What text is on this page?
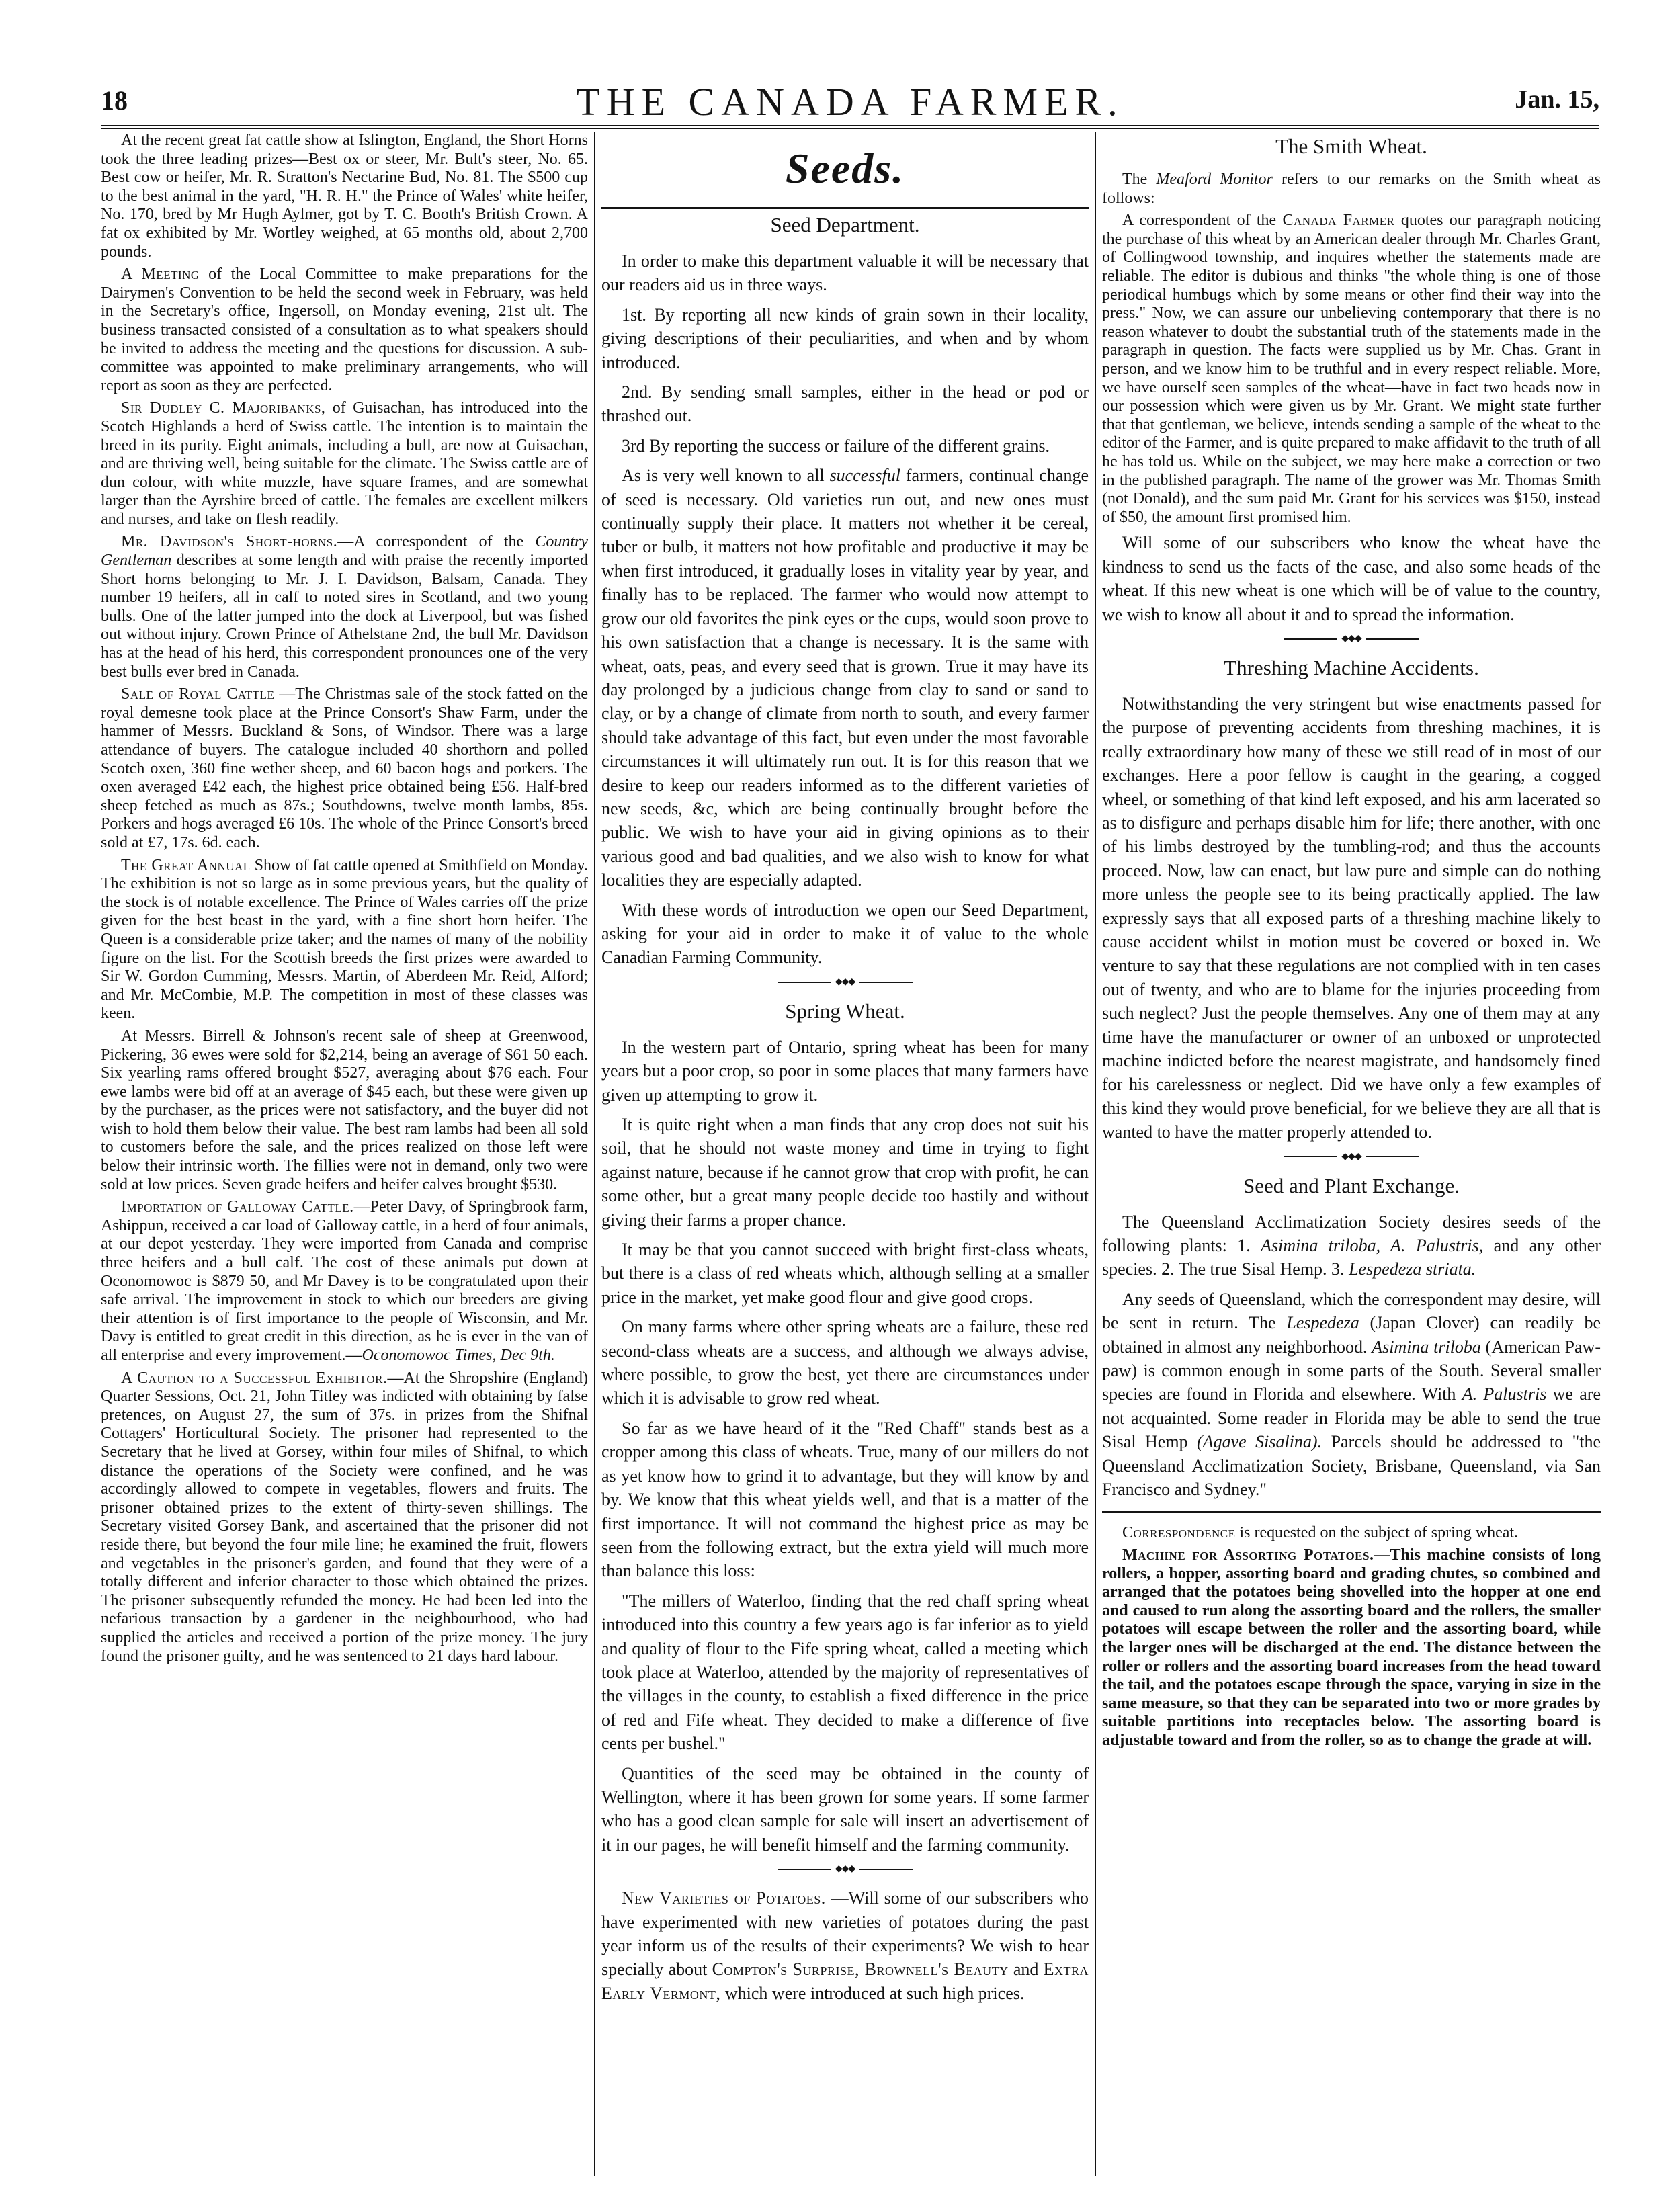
18	THE CANADA FARMER.	Jan. 15,

At the recent great fat cattle show at Islington, England, the Short Horns took the three leading prizes—Best ox or steer, Mr. Bult's steer, No. 65. Best cow or heifer, Mr. R. Stratton's Nectarine Bud, No. 81. The $500 cup to the best animal in the yard, "H. R. H." the Prince of Wales' white heifer, No. 170, bred by Mr Hugh Aylmer, got by T. C. Booth's British Crown. A fat ox exhibited by Mr. Wortley weighed, at 65 months old, about 2,700 pounds.

A Meeting of the Local Committee to make preparations for the Dairymen's Convention to be held the second week in February, was held in the Secretary's office, Ingersoll, on Monday evening, 21st ult. The business transacted consisted of a consultation as to what speakers should be invited to address the meeting and the questions for discussion. A sub-committee was appointed to make preliminary arrangements, who will report as soon as they are perfected.

Sir Dudley C. Majoribanks, of Guisachan, has introduced into the Scotch Highlands a herd of Swiss cattle. The intention is to maintain the breed in its purity. Eight animals, including a bull, are now at Guisachan, and are thriving well, being suitable for the climate. The Swiss cattle are of dun colour, with white muzzle, have square frames, and are somewhat larger than the Ayrshire breed of cattle. The females are excellent milkers and nurses, and take on flesh readily.

Mr. Davidson's Short-horns.—A correspondent of the Country Gentleman describes at some length and with praise the recently imported Short horns belonging to Mr. J. I. Davidson, Balsam, Canada. They number 19 heifers, all in calf to noted sires in Scotland, and two young bulls. One of the latter jumped into the dock at Liverpool, but was fished out without injury. Crown Prince of Athelstane 2nd, the bull Mr. Davidson has at the head of his herd, this correspondent pronounces one of the very best bulls ever bred in Canada.

Sale of Royal Cattle —The Christmas sale of the stock fatted on the royal demesne took place at the Prince Consort's Shaw Farm, under the hammer of Messrs. Buckland & Sons, of Windsor. There was a large attendance of buyers. The catalogue included 40 shorthorn and polled Scotch oxen, 360 fine wether sheep, and 60 bacon hogs and porkers. The oxen averaged £42 each, the highest price obtained being £56. Half-bred sheep fetched as much as 87s.; Southdowns, twelve month lambs, 85s. Porkers and hogs averaged £6 10s. The whole of the Prince Consort's breed sold at £7, 17s. 6d. each.

The Great Annual Show of fat cattle opened at Smithfield on Monday. The exhibition is not so large as in some previous years, but the quality of the stock is of notable excellence. The Prince of Wales carries off the prize given for the best beast in the yard, with a fine short horn heifer. The Queen is a considerable prize taker; and the names of many of the nobility figure on the list. For the Scottish breeds the first prizes were awarded to Sir W. Gordon Cumming, Messrs. Martin, of Aberdeen Mr. Reid, Alford; and Mr. McCombie, M.P. The competition in most of these classes was keen.

At Messrs. Birrell & Johnson's recent sale of sheep at Greenwood, Pickering, 36 ewes were sold for $2,214, being an average of $61 50 each. Six yearling rams offered brought $527, averaging about $76 each. Four ewe lambs were bid off at an average of $45 each, but these were given up by the purchaser, as the prices were not satisfactory, and the buyer did not wish to hold them below their value. The best ram lambs had been all sold to customers before the sale, and the prices realized on those left were below their intrinsic worth. The fillies were not in demand, only two were sold at low prices. Seven grade heifers and heifer calves brought $530.

Importation of Galloway Cattle.—Peter Davy, of Springbrook farm, Ashippun, received a car load of Galloway cattle, in a herd of four animals, at our depot yesterday. They were imported from Canada and comprise three heifers and a bull calf. The cost of these animals put down at Oconomowoc is $879 50, and Mr Davey is to be congratulated upon their safe arrival. The improvement in stock to which our breeders are giving their attention is of first importance to the people of Wisconsin, and Mr. Davy is entitled to great credit in this direction, as he is ever in the van of all enterprise and every improvement.—Oconomowoc Times, Dec 9th.

A Caution to a Successful Exhibitor.—At the Shropshire (England) Quarter Sessions, Oct. 21, John Titley was indicted with obtaining by false pretences, on August 27, the sum of 37s. in prizes from the Shifnal Cottagers' Horticultural Society. The prisoner had represented to the Secretary that he lived at Gorsey, within four miles of Shifnal, to which distance the operations of the Society were confined, and he was accordingly allowed to compete in vegetables, flowers and fruits. The prisoner obtained prizes to the extent of thirty-seven shillings. The Secretary visited Gorsey Bank, and ascertained that the prisoner did not reside there, but beyond the four mile line; he examined the fruit, flowers and vegetables in the prisoner's garden, and found that they were of a totally different and inferior character to those which obtained the prizes. The prisoner subsequently refunded the money. He had been led into the nefarious transaction by a gardener in the neighbourhood, who had supplied the articles and received a portion of the prize money. The jury found the prisoner guilty, and he was sentenced to 21 days hard labour.

Seeds.
Seed Department.

In order to make this department valuable it will be necessary that our readers aid us in three ways.

1st. By reporting all new kinds of grain sown in their locality, giving descriptions of their peculiarities, and when and by whom introduced.

2nd. By sending small samples, either in the head or pod or thrashed out.

3rd By reporting the success or failure of the different grains.

As is very well known to all successful farmers, continual change of seed is necessary. Old varieties run out, and new ones must continually supply their place. It matters not whether it be cereal, tuber or bulb, it matters not how profitable and productive it may be when first introduced, it gradually loses in vitality year by year, and finally has to be replaced. The farmer who would now attempt to grow our old favorites the pink eyes or the cups, would soon prove to his own satisfaction that a change is necessary. It is the same with wheat, oats, peas, and every seed that is grown. True it may have its day prolonged by a judicious change from clay to sand or sand to clay, or by a change of climate from north to south, and every farmer should take advantage of this fact, but even under the most favorable circumstances it will ultimately run out. It is for this reason that we desire to keep our readers informed as to the different varieties of new seeds, &c, which are being continually brought before the public. We wish to have your aid in giving opinions as to their various good and bad qualities, and we also wish to know for what localities they are especially adapted.

With these words of introduction we open our Seed Department, asking for your aid in order to make it of value to the whole Canadian Farming Community.

◆◆◆
Spring Wheat.

In the western part of Ontario, spring wheat has been for many years but a poor crop, so poor in some places that many farmers have given up attempting to grow it.

It is quite right when a man finds that any crop does not suit his soil, that he should not waste money and time in trying to fight against nature, because if he cannot grow that crop with profit, he can some other, but a great many people decide too hastily and without giving their farms a proper chance.

It may be that you cannot succeed with bright first-class wheats, but there is a class of red wheats which, although selling at a smaller price in the market, yet make good flour and give good crops.

On many farms where other spring wheats are a failure, these red second-class wheats are a success, and although we always advise, where possible, to grow the best, yet there are circumstances under which it is advisable to grow red wheat.

So far as we have heard of it the "Red Chaff" stands best as a cropper among this class of wheats. True, many of our millers do not as yet know how to grind it to advantage, but they will know by and by. We know that this wheat yields well, and that is a matter of the first importance. It will not command the highest price as may be seen from the following extract, but the extra yield will much more than balance this loss:

"The millers of Waterloo, finding that the red chaff spring wheat introduced into this country a few years ago is far inferior as to yield and quality of flour to the Fife spring wheat, called a meeting which took place at Waterloo, attended by the majority of representatives of the villages in the county, to establish a fixed difference in the price of red and Fife wheat. They decided to make a difference of five cents per bushel."

Quantities of the seed may be obtained in the county of Wellington, where it has been grown for some years. If some farmer who has a good clean sample for sale will insert an advertisement of it in our pages, he will benefit himself and the farming community.

◆◆◆

New Varieties of Potatoes. —Will some of our subscribers who have experimented with new varieties of potatoes during the past year inform us of the results of their experiments? We wish to hear specially about Compton's Surprise, Brownell's Beauty and Extra Early Vermont, which were introduced at such high prices.

The Smith Wheat.

The Meaford Monitor refers to our remarks on the Smith wheat as follows:

A correspondent of the Canada Farmer quotes our paragraph noticing the purchase of this wheat by an American dealer through Mr. Charles Grant, of Collingwood township, and inquires whether the statements made are reliable. The editor is dubious and thinks "the whole thing is one of those periodical humbugs which by some means or other find their way into the press." Now, we can assure our unbelieving contemporary that there is no reason whatever to doubt the substantial truth of the statements made in the paragraph in question. The facts were supplied us by Mr. Chas. Grant in person, and we know him to be truthful and in every respect reliable. More, we have ourself seen samples of the wheat—have in fact two heads now in our possession which were given us by Mr. Grant. We might state further that that gentleman, we believe, intends sending a sample of the wheat to the editor of the Farmer, and is quite prepared to make affidavit to the truth of all he has told us. While on the subject, we may here make a correction or two in the published paragraph. The name of the grower was Mr. Thomas Smith (not Donald), and the sum paid Mr. Grant for his services was $150, instead of $50, the amount first promised him.

Will some of our subscribers who know the wheat have the kindness to send us the facts of the case, and also some heads of the wheat. If this new wheat is one which will be of value to the country, we wish to know all about it and to spread the information.

◆◆◆
Threshing Machine Accidents.

Notwithstanding the very stringent but wise enactments passed for the purpose of preventing accidents from threshing machines, it is really extraordinary how many of these we still read of in most of our exchanges. Here a poor fellow is caught in the gearing, a cogged wheel, or something of that kind left exposed, and his arm lacerated so as to disfigure and perhaps disable him for life; there another, with one of his limbs destroyed by the tumbling-rod; and thus the accounts proceed. Now, law can enact, but law pure and simple can do nothing more unless the people see to its being practically applied. The law expressly says that all exposed parts of a threshing machine likely to cause accident whilst in motion must be covered or boxed in. We venture to say that these regulations are not complied with in ten cases out of twenty, and who are to blame for the injuries proceeding from such neglect? Just the people themselves. Any one of them may at any time have the manufacturer or owner of an unboxed or unprotected machine indicted before the nearest magistrate, and handsomely fined for his carelessness or neglect. Did we have only a few examples of this kind they would prove beneficial, for we believe they are all that is wanted to have the matter properly attended to.

◆◆◆
Seed and Plant Exchange.

The Queensland Acclimatization Society desires seeds of the following plants: 1. Asimina triloba, A. Palustris, and any other species. 2. The true Sisal Hemp. 3. Lespedeza striata.

Any seeds of Queensland, which the correspondent may desire, will be sent in return. The Lespedeza (Japan Clover) can readily be obtained in almost any neighborhood. Asimina triloba (American Paw-paw) is common enough in some parts of the South. Several smaller species are found in Florida and elsewhere. With A. Palustris we are not acquainted. Some reader in Florida may be able to send the true Sisal Hemp (Agave Sisalina). Parcels should be addressed to "the Queensland Acclimatization Society, Brisbane, Queensland, via San Francisco and Sydney."

Correspondence is requested on the subject of spring wheat.

Machine for Assorting Potatoes.—This machine consists of long rollers, a hopper, assorting board and grading chutes, so combined and arranged that the potatoes being shovelled into the hopper at one end and caused to run along the assorting board and the rollers, the smaller potatoes will escape between the roller and the assorting board, while the larger ones will be discharged at the end. The distance between the roller or rollers and the assorting board increases from the head toward the tail, and the potatoes escape through the space, varying in size in the same measure, so that they can be separated into two or more grades by suitable partitions into receptacles below. The assorting board is adjustable toward and from the roller, so as to change the grade at will.
